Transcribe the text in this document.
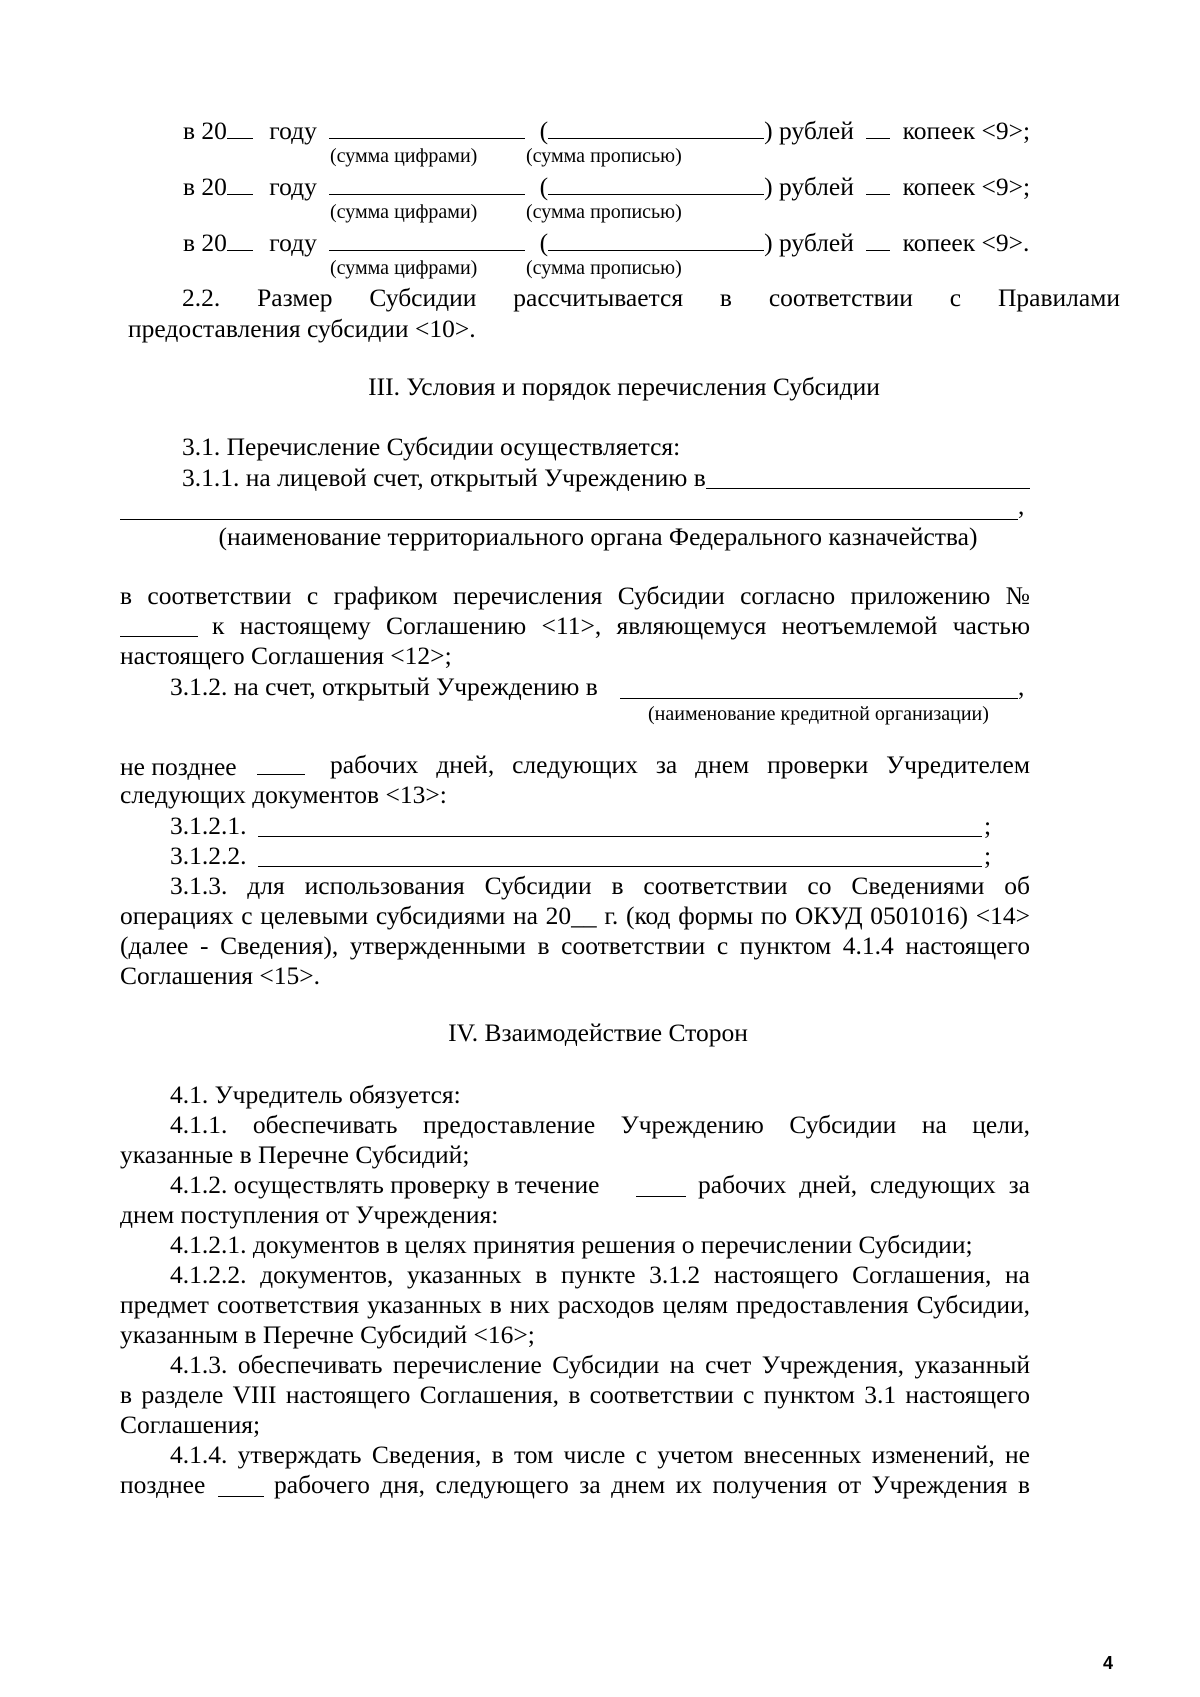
в 20 году	(	) рублей копеек <9>;
(сумма цифрами) (сумма прописью)
в 20 году	(	) рублей копеек <9>;
(сумма цифрами) (сумма прописью)
в 20 году	(	) рублей копеек <9>.
(сумма цифрами) (сумма прописью)
2.2. Размер Субсидии рассчитывается в соответствии с Правилами
предоставления субсидии <10>.
III. Условия и порядок перечисления Субсидии
3.1. Перечисление Субсидии осуществляется:
3.1.1. на лицевой счет, открытый Учреждению в
,
(наименование территориального органа Федерального казначейства)
в соответствии с графиком перечисления Субсидии согласно приложению №
к настоящему Соглашению <11>, являющемуся неотъемлемой частью
настоящего Соглашения <12>;
3.1.2. на счет, открытый Учреждению в	,
(наименование кредитной организации)
не позднее	рабочих дней, следующих за днем проверки Учредителем
следующих документов <13>:
3.1.2.1.	;
3.1.2.2.	;
3.1.3. для использования Субсидии в соответствии со Сведениями об
операциях с целевыми субсидиями на 20__ г. (код формы по ОКУД 0501016) <14>
(далее - Сведения), утвержденными в соответствии с пунктом 4.1.4 настоящего
Соглашения <15>.
IV. Взаимодействие Сторон
4.1. Учредитель обязуется:
4.1.1. обеспечивать предоставление Учреждению Субсидии на цели,
указанные в Перечне Субсидий;
4.1.2. осуществлять проверку в течение	рабочих дней, следующих за
днем поступления от Учреждения:
4.1.2.1. документов в целях принятия решения о перечислении Субсидии;
4.1.2.2. документов, указанных в пункте 3.1.2 настоящего Соглашения, на
предмет соответствия указанных в них расходов целям предоставления Субсидии,
указанным в Перечне Субсидий <16>;
4.1.3. обеспечивать перечисление Субсидии на счет Учреждения, указанный
в разделе VIII настоящего Соглашения, в соответствии с пунктом 3.1 настоящего
Соглашения;
4.1.4. утверждать Сведения, в том числе с учетом внесенных изменений, не
позднее	рабочего дня, следующего за днем их получения от Учреждения в
4
